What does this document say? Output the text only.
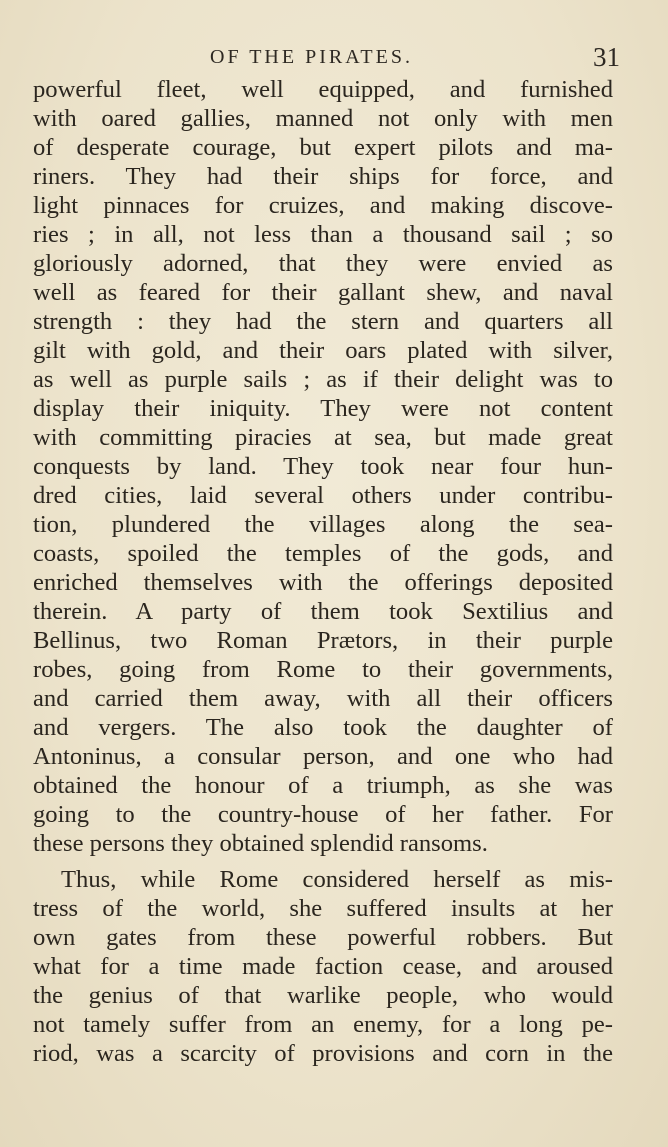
OF THE PIRATES.	31
powerful fleet, well equipped, and furnished
with oared gallies, manned not only with men
of desperate courage, but expert pilots and ma-
riners. They had their ships for force, and
light pinnaces for cruizes, and making discove-
ries ; in all, not less than a thousand sail ; so
gloriously adorned, that they were envied as
well as feared for their gallant shew, and naval
strength : they had the stern and quarters all
gilt with gold, and their oars plated with silver,
as well as purple sails ; as if their delight was to
display their iniquity. They were not content
with committing piracies at sea, but made great
conquests by land. They took near four hun-
dred cities, laid several others under contribu-
tion, plundered the villages along the sea-
coasts, spoiled the temples of the gods, and
enriched themselves with the offerings deposited
therein. A party of them took Sextilius and
Bellinus, two Roman Prætors, in their purple
robes, going from Rome to their governments,
and carried them away, with all their officers
and vergers. The also took the daughter of
Antoninus, a consular person, and one who had
obtained the honour of a triumph, as she was
going to the country-house of her father. For
these persons they obtained splendid ransoms.
Thus, while Rome considered herself as mis-
tress of the world, she suffered insults at her
own gates from these powerful robbers. But
what for a time made faction cease, and aroused
the genius of that warlike people, who would
not tamely suffer from an enemy, for a long pe-
riod, was a scarcity of provisions and corn in the
